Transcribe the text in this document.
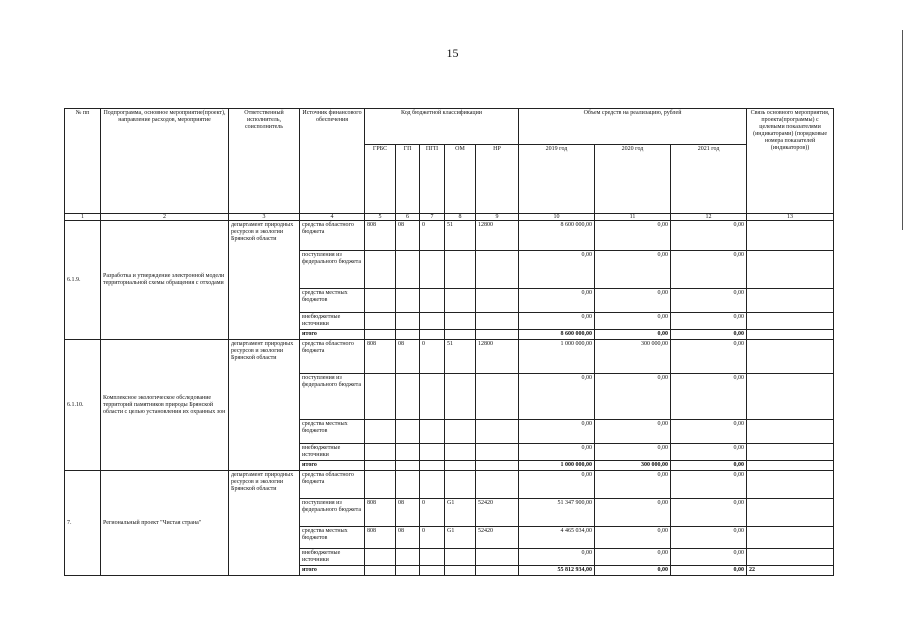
15
№ пп	Подпрограмма, основное мероприятие(проект), направление расходов, мероприятие	Ответственный исполнитель, соисполнитель	Источник финансового обеспечения	Код бюджетной классификации					Объем средств на реализацию, рублей			Связь основного мероприятия, проекта(программы) с целевыми показателями (индикаторами) (порядковые номера показателей (индикаторов))
				ГРБС	ГП	ПГП	ОМ	НР	2019 год	2020 год	2021 год	
1	2	3	4	5	6	7	8	9	10	11	12	13
6.1.9.	Разработка и утверждение электронной модели территориальной схемы обращения с отходами	департамент природных ресурсов и экологии Брянской области	средства областного бюджета	808	08	0	51	12800	8 600 000,00	0,00	0,00	
			поступления из федерального бюджета						0,00	0,00	0,00	
			средства местных бюджетов						0,00	0,00	0,00	
			внебюджетные источники						0,00	0,00	0,00	
			итого						8 600 000,00	0,00	0,00	
6.1.10.	Комплексное экологическое обследование территорий памятников природы Брянской области с целью установления их охранных зон	департамент природных ресурсов и экологии Брянской области	средства областного бюджета	808	08	0	51	12800	1 000 000,00	300 000,00	0,00	
			поступления из федерального бюджета						0,00	0,00	0,00	
			средства местных бюджетов						0,00	0,00	0,00	
			внебюджетные источники						0,00	0,00	0,00	
			итого						1 000 000,00	300 000,00	0,00	
7.	Региональный проект "Чистая страна"	департамент природных ресурсов и экологии Брянской области	средства областного бюджета						0,00	0,00	0,00	
			поступления из федерального бюджета	808	08	0	G1	52420	51 347 900,00	0,00	0,00	
			средства местных бюджетов	808	08	0	G1	52420	4 465 034,00	0,00	0,00	
			внебюджетные источники						0,00	0,00	0,00	
			итого						55 812 934,00	0,00	0,00	22
